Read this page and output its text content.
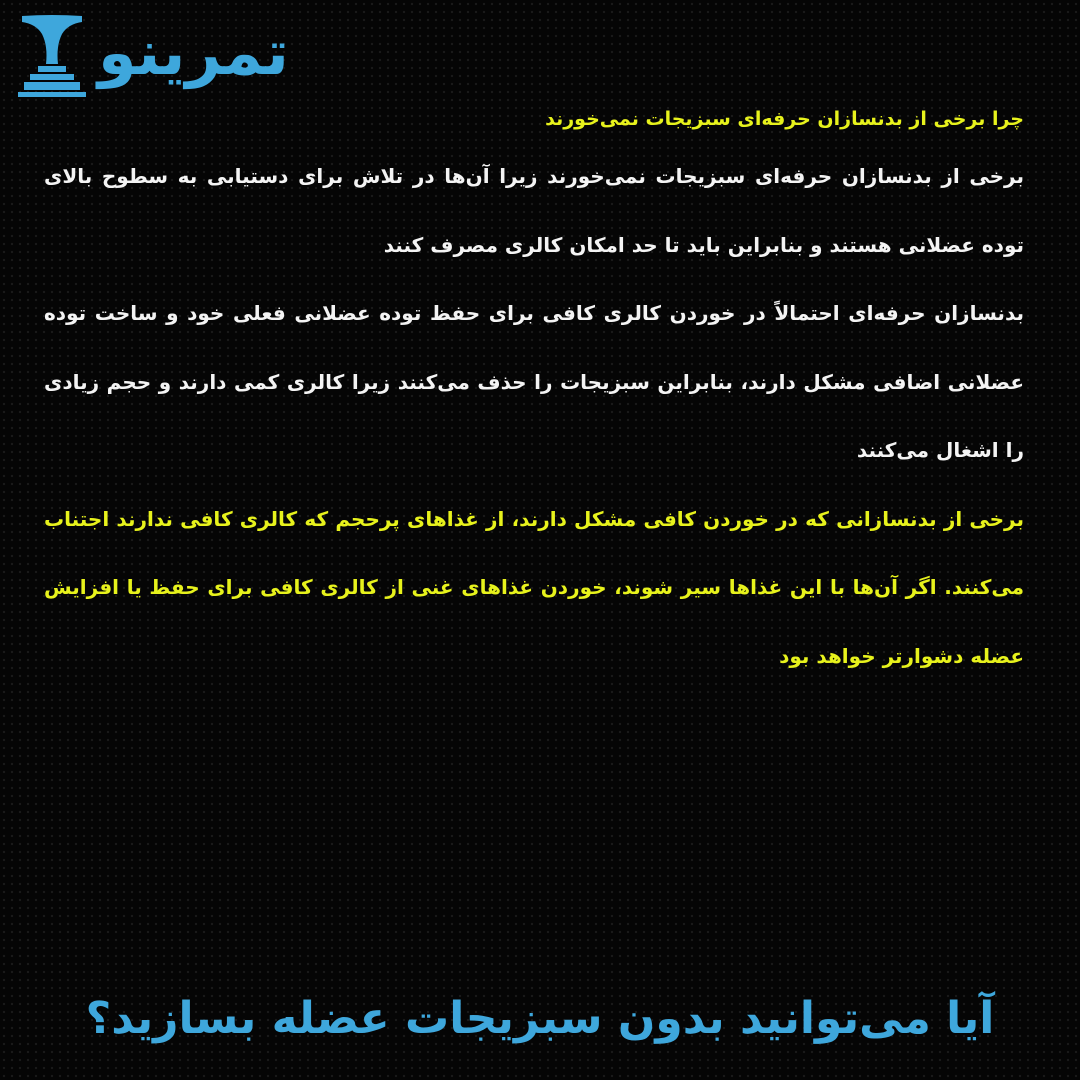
تمرینو

چرا برخی از بدنسازان حرفه‌ای سبزیجات نمی‌خورند

برخی از بدنسازان حرفه‌ای سبزیجات نمی‌خورند زیرا آن‌ها در تلاش برای دستیابی به سطوح بالای توده عضلانی هستند و بنابراین باید تا حد امکان کالری مصرف کنند

بدنسازان حرفه‌ای احتمالاً در خوردن کالری کافی برای حفظ توده عضلانی فعلی خود و ساخت توده عضلانی اضافی مشکل دارند، بنابراین سبزیجات را حذف می‌کنند زیرا کالری کمی دارند و حجم زیادی را اشغال می‌کنند

برخی از بدنسازانی که در خوردن کافی مشکل دارند، از غذاهای پرحجم که کالری کافی ندارند اجتناب می‌کنند. اگر آن‌ها با این غذاها سیر شوند، خوردن غذاهای غنی از کالری کافی برای حفظ یا افزایش عضله دشوارتر خواهد بود

آیا می‌توانید بدون سبزیجات عضله بسازید؟
